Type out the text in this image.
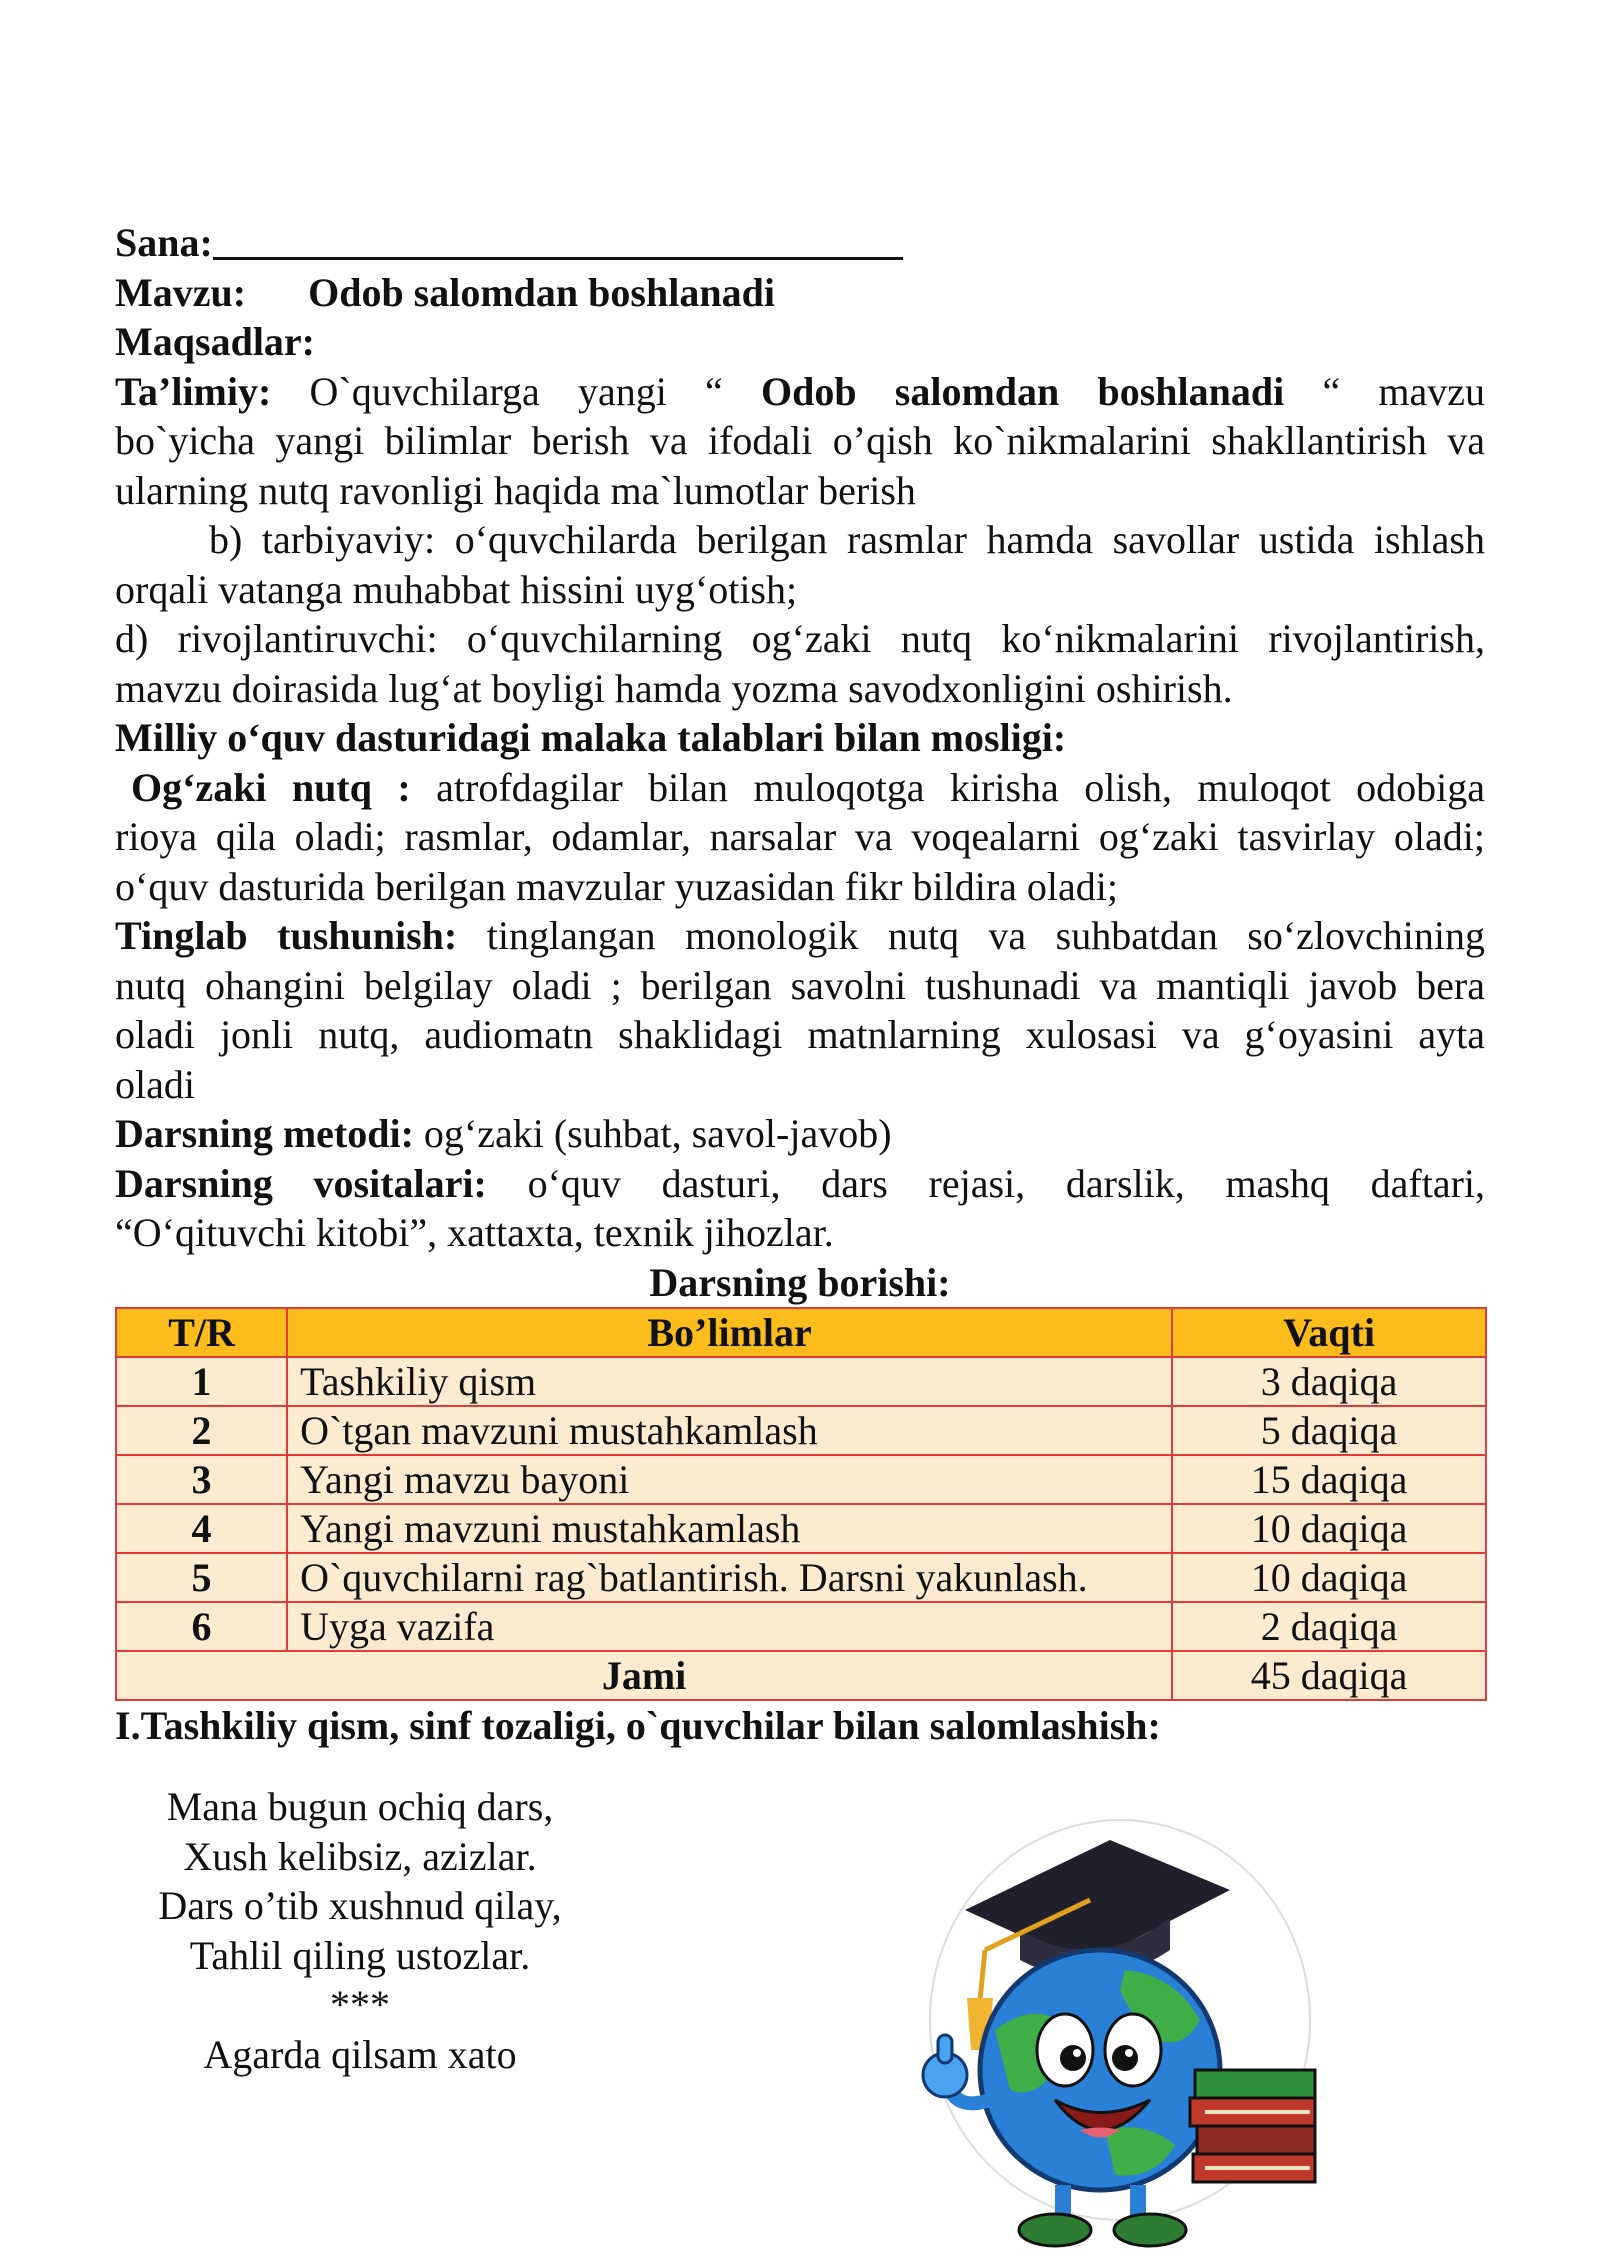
Sana:
Mavzu: Odob salomdan boshlanadi
Maqsadlar:
Ta’limiy: O`quvchilarga yangi “ Odob salomdan boshlanadi “ mavzu
bo`yicha yangi bilimlar berish va ifodali o’qish ko`nikmalarini shakllantirish va
ularning nutq ravonligi haqida ma`lumotlar berish
b) tarbiyaviy: o‘quvchilarda berilgan rasmlar hamda savollar ustida ishlash
orqali vatanga muhabbat hissini uyg‘otish;
d) rivojlantiruvchi: o‘quvchilarning og‘zaki nutq ko‘nikmalarini rivojlantirish,
mavzu doirasida lug‘at boyligi hamda yozma savodxonligini oshirish.
Milliy o‘quv dasturidagi malaka talablari bilan mosligi:
Og‘zaki nutq : atrofdagilar bilan muloqotga kirisha olish, muloqot odobiga
rioya qila oladi; rasmlar, odamlar, narsalar va voqealarni og‘zaki tasvirlay oladi;
o‘quv dasturida berilgan mavzular yuzasidan fikr bildira oladi;
Tinglab tushunish: tinglangan monologik nutq va suhbatdan so‘zlovchining
nutq ohangini belgilay oladi ; berilgan savolni tushunadi va mantiqli javob bera
oladi jonli nutq, audiomatn shaklidagi matnlarning xulosasi va g‘oyasini ayta
oladi
Darsning metodi: og‘zaki (suhbat, savol-javob)
Darsning vositalari: o‘quv dasturi, dars rejasi, darslik, mashq daftari,
“O‘qituvchi kitobi”, xattaxta, texnik jihozlar.
Darsning borishi:
T/R	Bo’limlar	Vaqti
1	Tashkiliy qism	3 daqiqa
2	O`tgan mavzuni mustahkamlash	5 daqiqa
3	Yangi mavzu bayoni	15 daqiqa
4	Yangi mavzuni mustahkamlash	10 daqiqa
5	O`quvchilarni rag`batlantirish. Darsni yakunlash.	10 daqiqa
6	Uyga vazifa	2 daqiqa
Jami		45 daqiqa
I.Tashkiliy qism, sinf tozaligi, o`quvchilar bilan salomlashish:
Mana bugun ochiq dars,
Xush kelibsiz, azizlar.
Dars o’tib xushnud qilay,
Tahlil qiling ustozlar.
***
Agarda qilsam xato
